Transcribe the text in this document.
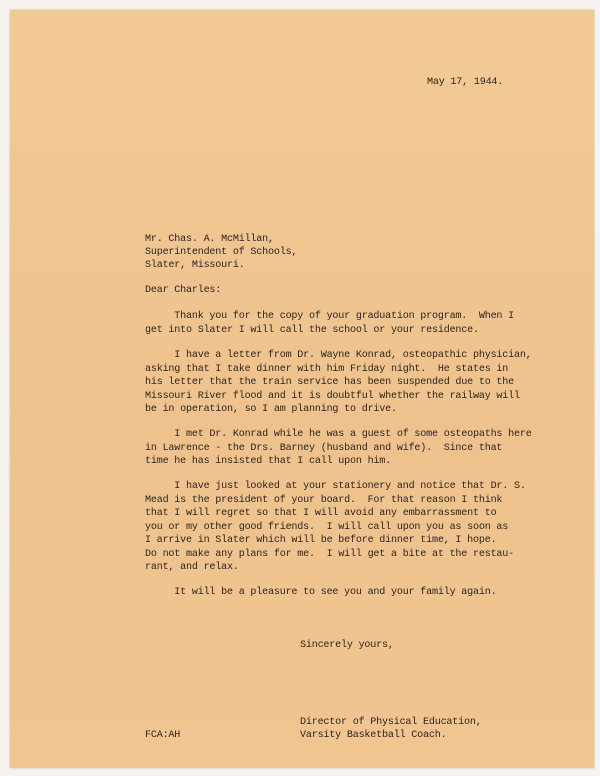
May 17, 1944.

Mr. Chas. A. McMillan,

Superintendent of Schools,

Slater, Missouri.

Dear Charles:

Thank you for the copy of your graduation program.  When I
get into Slater I will call the school or your residence.

I have a letter from Dr. Wayne Konrad, osteopathic physician,
asking that I take dinner with him Friday night.  He states in
his letter that the train service has been suspended due to the
Missouri River flood and it is doubtful whether the railway will
be in operation, so I am planning to drive.

I met Dr. Konrad while he was a guest of some osteopaths here
in Lawrence - the Drs. Barney (husband and wife).  Since that
time he has insisted that I call upon him.

I have just looked at your stationery and notice that Dr. S.
Mead is the president of your board.  For that reason I think
that I will regret so that I will avoid any embarrassment to
you or my other good friends.  I will call upon you as soon as
I arrive in Slater which will be before dinner time, I hope.
Do not make any plans for me.  I will get a bite at the restau-
rant, and relax.

It will be a pleasure to see you and your family again.

Sincerely yours,

Director of Physical Education,

Varsity Basketball Coach.

FCA:AH
